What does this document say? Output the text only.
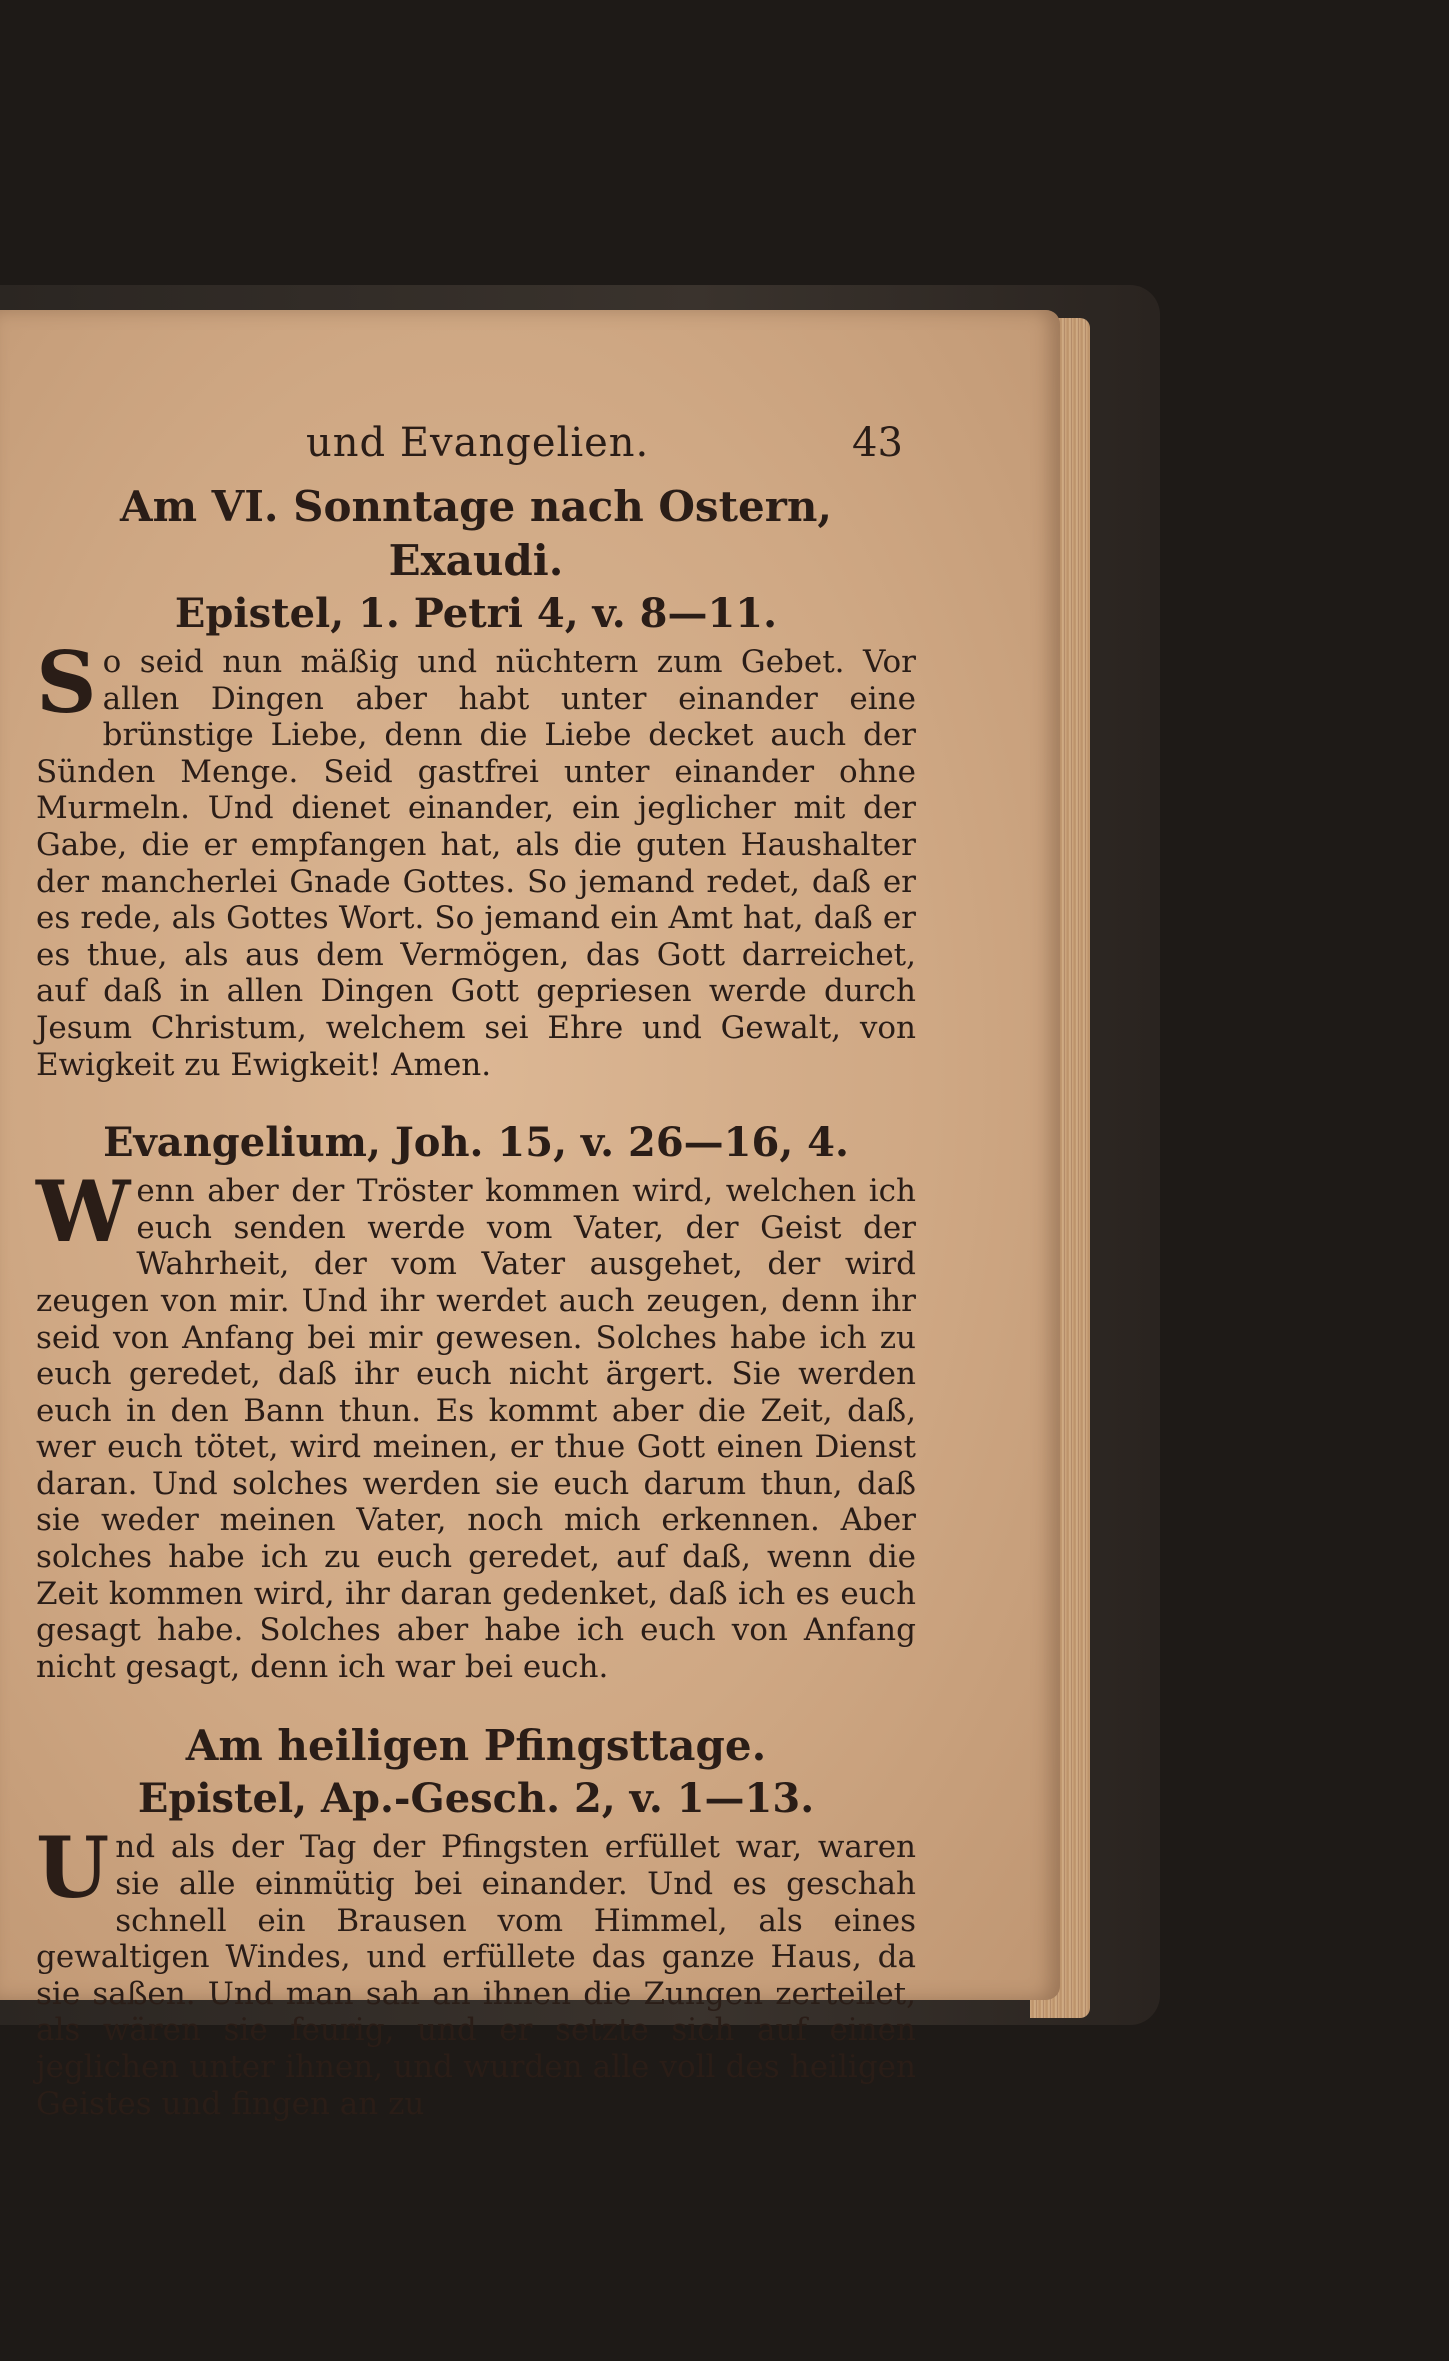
und Evangelien.	43
Am VI. Sonntage nach Ostern, Exaudi.
Epistel, 1. Petri 4, v. 8—11.

So seid nun mäßig und nüchtern zum Gebet. Vor allen Dingen aber habt unter einander eine brünstige Liebe, denn die Liebe decket auch der Sünden Menge. Seid gastfrei unter einander ohne Murmeln. Und dienet einander, ein jeglicher mit der Gabe, die er empfangen hat, als die guten Haushalter der mancherlei Gnade Gottes. So jemand redet, daß er es rede, als Gottes Wort. So jemand ein Amt hat, daß er es thue, als aus dem Vermögen, das Gott darreichet, auf daß in allen Dingen Gott gepriesen werde durch Jesum Christum, welchem sei Ehre und Gewalt, von Ewigkeit zu Ewigkeit! Amen.

Evangelium, Joh. 15, v. 26—16, 4.

Wenn aber der Tröster kommen wird, welchen ich euch senden werde vom Vater, der Geist der Wahrheit, der vom Vater ausgehet, der wird zeugen von mir. Und ihr werdet auch zeugen, denn ihr seid von Anfang bei mir gewesen. Solches habe ich zu euch geredet, daß ihr euch nicht ärgert. Sie werden euch in den Bann thun. Es kommt aber die Zeit, daß, wer euch tötet, wird meinen, er thue Gott einen Dienst daran. Und solches werden sie euch darum thun, daß sie weder meinen Vater, noch mich erkennen. Aber solches habe ich zu euch geredet, auf daß, wenn die Zeit kommen wird, ihr daran gedenket, daß ich es euch gesagt habe. Solches aber habe ich euch von Anfang nicht gesagt, denn ich war bei euch.

Am heiligen Pfingsttage.
Epistel, Ap.-Gesch. 2, v. 1—13.

Und als der Tag der Pfingsten erfüllet war, waren sie alle einmütig bei einander. Und es geschah schnell ein Brausen vom Himmel, als eines gewaltigen Windes, und erfüllete das ganze Haus, da sie saßen. Und man sah an ihnen die Zungen zerteilet, als wären sie feurig, und er setzte sich auf einen jeglichen unter ihnen, und wurden alle voll des heiligen Geistes und fingen an zu
